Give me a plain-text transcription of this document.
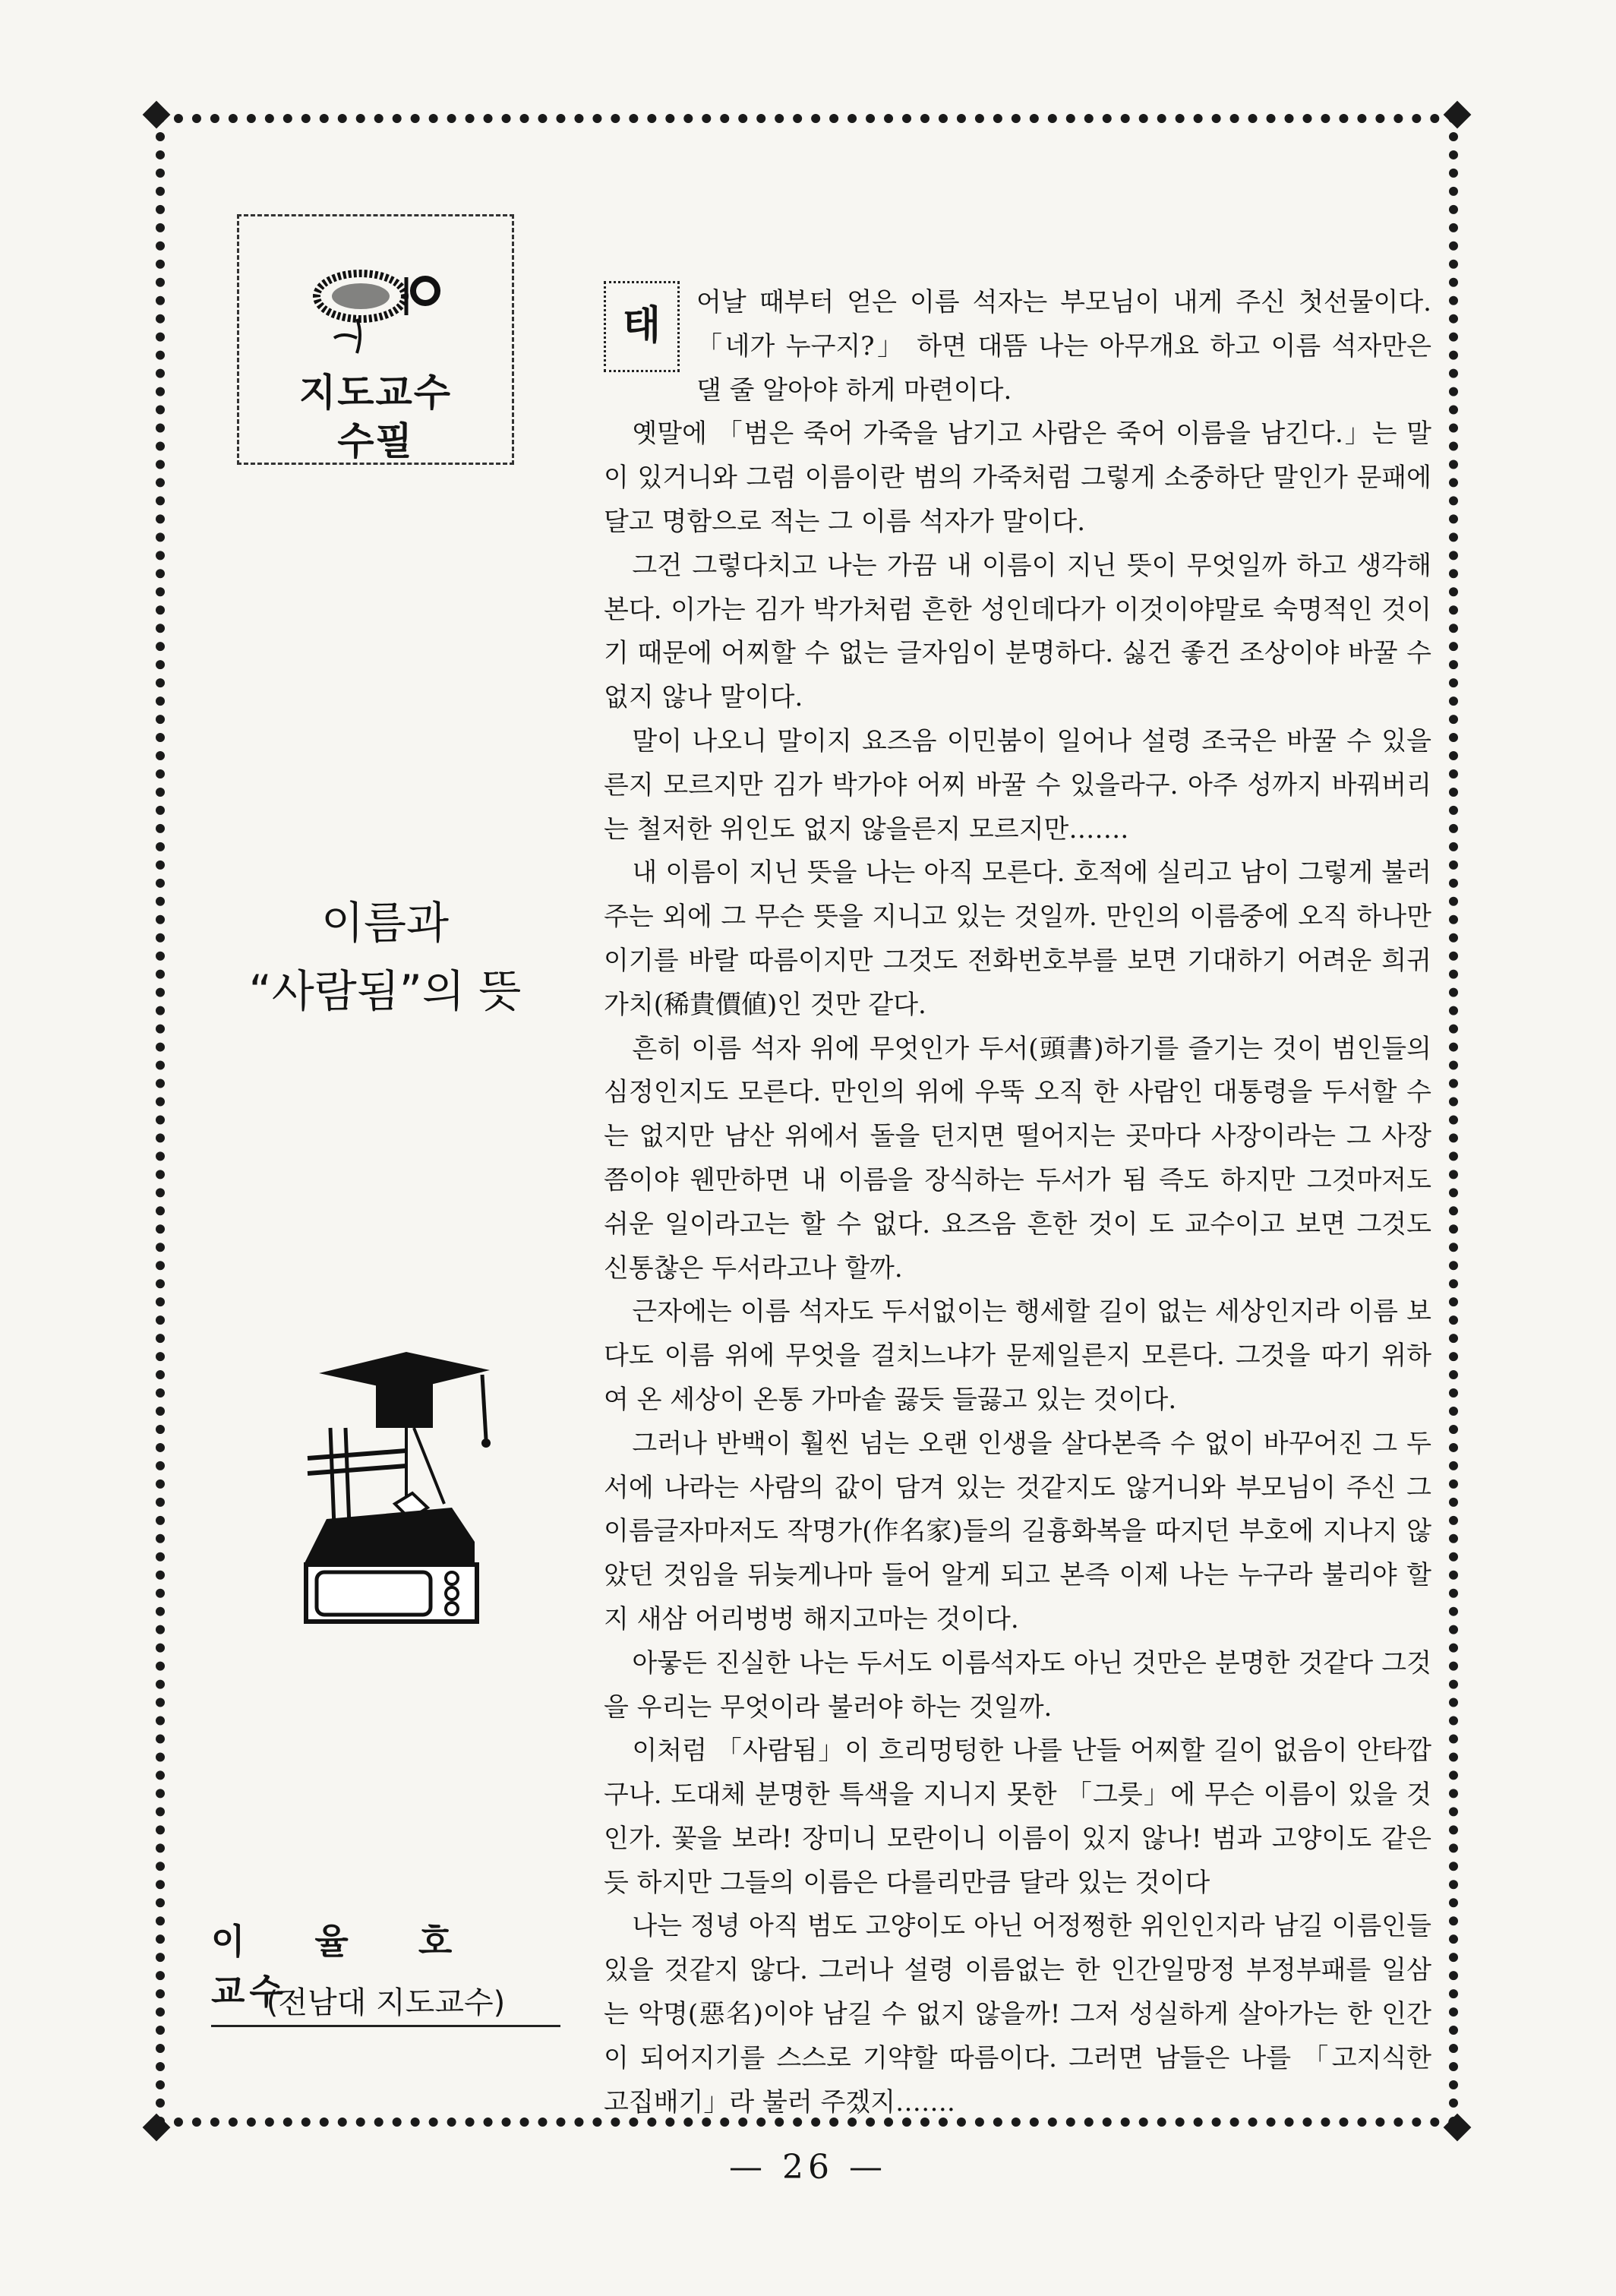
지도교수
수필
이름과
“사람됨”의 뜻
이율호 교수
(전남대 지도교수)
태

어날 때부터 얻은 이름 석자는 부모님이 내게 주신 첫선물이다. 「네가 누구지?」 하면 대뜸 나는 아무개요 하고 이름 석자만은 댈 줄 알아야 하게 마련이다.

옛말에 「범은 죽어 가죽을 남기고 사람은 죽어 이름을 남긴다.」는 말이 있거니와 그럼 이름이란 범의 가죽처럼 그렇게 소중하단 말인가 문패에 달고 명함으로 적는 그 이름 석자가 말이다.

그건 그렇다치고 나는 가끔 내 이름이 지닌 뜻이 무엇일까 하고 생각해 본다. 이가는 김가 박가처럼 흔한 성인데다가 이것이야말로 숙명적인 것이기 때문에 어찌할 수 없는 글자임이 분명하다. 싫건 좋건 조상이야 바꿀 수 없지 않나 말이다.

말이 나오니 말이지 요즈음 이민붐이 일어나 설령 조국은 바꿀 수 있을른지 모르지만 김가 박가야 어찌 바꿀 수 있을라구. 아주 성까지 바꿔버리는 철저한 위인도 없지 않을른지 모르지만…….

내 이름이 지닌 뜻을 나는 아직 모른다. 호적에 실리고 남이 그렇게 불러 주는 외에 그 무슨 뜻을 지니고 있는 것일까. 만인의 이름중에 오직 하나만이기를 바랄 따름이지만 그것도 전화번호부를 보면 기대하기 어려운 희귀가치(稀貴價値)인 것만 같다.

흔히 이름 석자 위에 무엇인가 두서(頭書)하기를 즐기는 것이 범인들의 심정인지도 모른다. 만인의 위에 우뚝 오직 한 사람인 대통령을 두서할 수는 없지만 남산 위에서 돌을 던지면 떨어지는 곳마다 사장이라는 그 사장쯤이야 웬만하면 내 이름을 장식하는 두서가 됨 즉도 하지만 그것마저도 쉬운 일이라고는 할 수 없다. 요즈음 흔한 것이 도 교수이고 보면 그것도 신통찮은 두서라고나 할까.

근자에는 이름 석자도 두서없이는 행세할 길이 없는 세상인지라 이름 보다도 이름 위에 무엇을 걸치느냐가 문제일른지 모른다. 그것을 따기 위하여 온 세상이 온통 가마솥 끓듯 들끓고 있는 것이다.

그러나 반백이 훨씬 넘는 오랜 인생을 살다본즉 수 없이 바꾸어진 그 두서에 나라는 사람의 값이 담겨 있는 것같지도 않거니와 부모님이 주신 그 이름글자마저도 작명가(作名家)들의 길흉화복을 따지던 부호에 지나지 않았던 것임을 뒤늦게나마 들어 알게 되고 본즉 이제 나는 누구라 불리야 할지 새삼 어리벙벙 해지고마는 것이다.

아뭏든 진실한 나는 두서도 이름석자도 아닌 것만은 분명한 것같다 그것을 우리는 무엇이라 불러야 하는 것일까.

이처럼 「사람됨」이 흐리멍텅한 나를 난들 어찌할 길이 없음이 안타깝구나. 도대체 분명한 특색을 지니지 못한 「그릇」에 무슨 이름이 있을 것인가. 꽃을 보라! 장미니 모란이니 이름이 있지 않나! 범과 고양이도 같은듯 하지만 그들의 이름은 다를리만큼 달라 있는 것이다

나는 정녕 아직 범도 고양이도 아닌 어정쩡한 위인인지라 남길 이름인들 있을 것같지 않다. 그러나 설령 이름없는 한 인간일망정 부정부패를 일삼는 악명(惡名)이야 남길 수 없지 않을까! 그저 성실하게 살아가는 한 인간이 되어지기를 스스로 기약할 따름이다. 그러면 남들은 나를 「고지식한 고집배기」라 불러 주겠지…….

— 26 —
